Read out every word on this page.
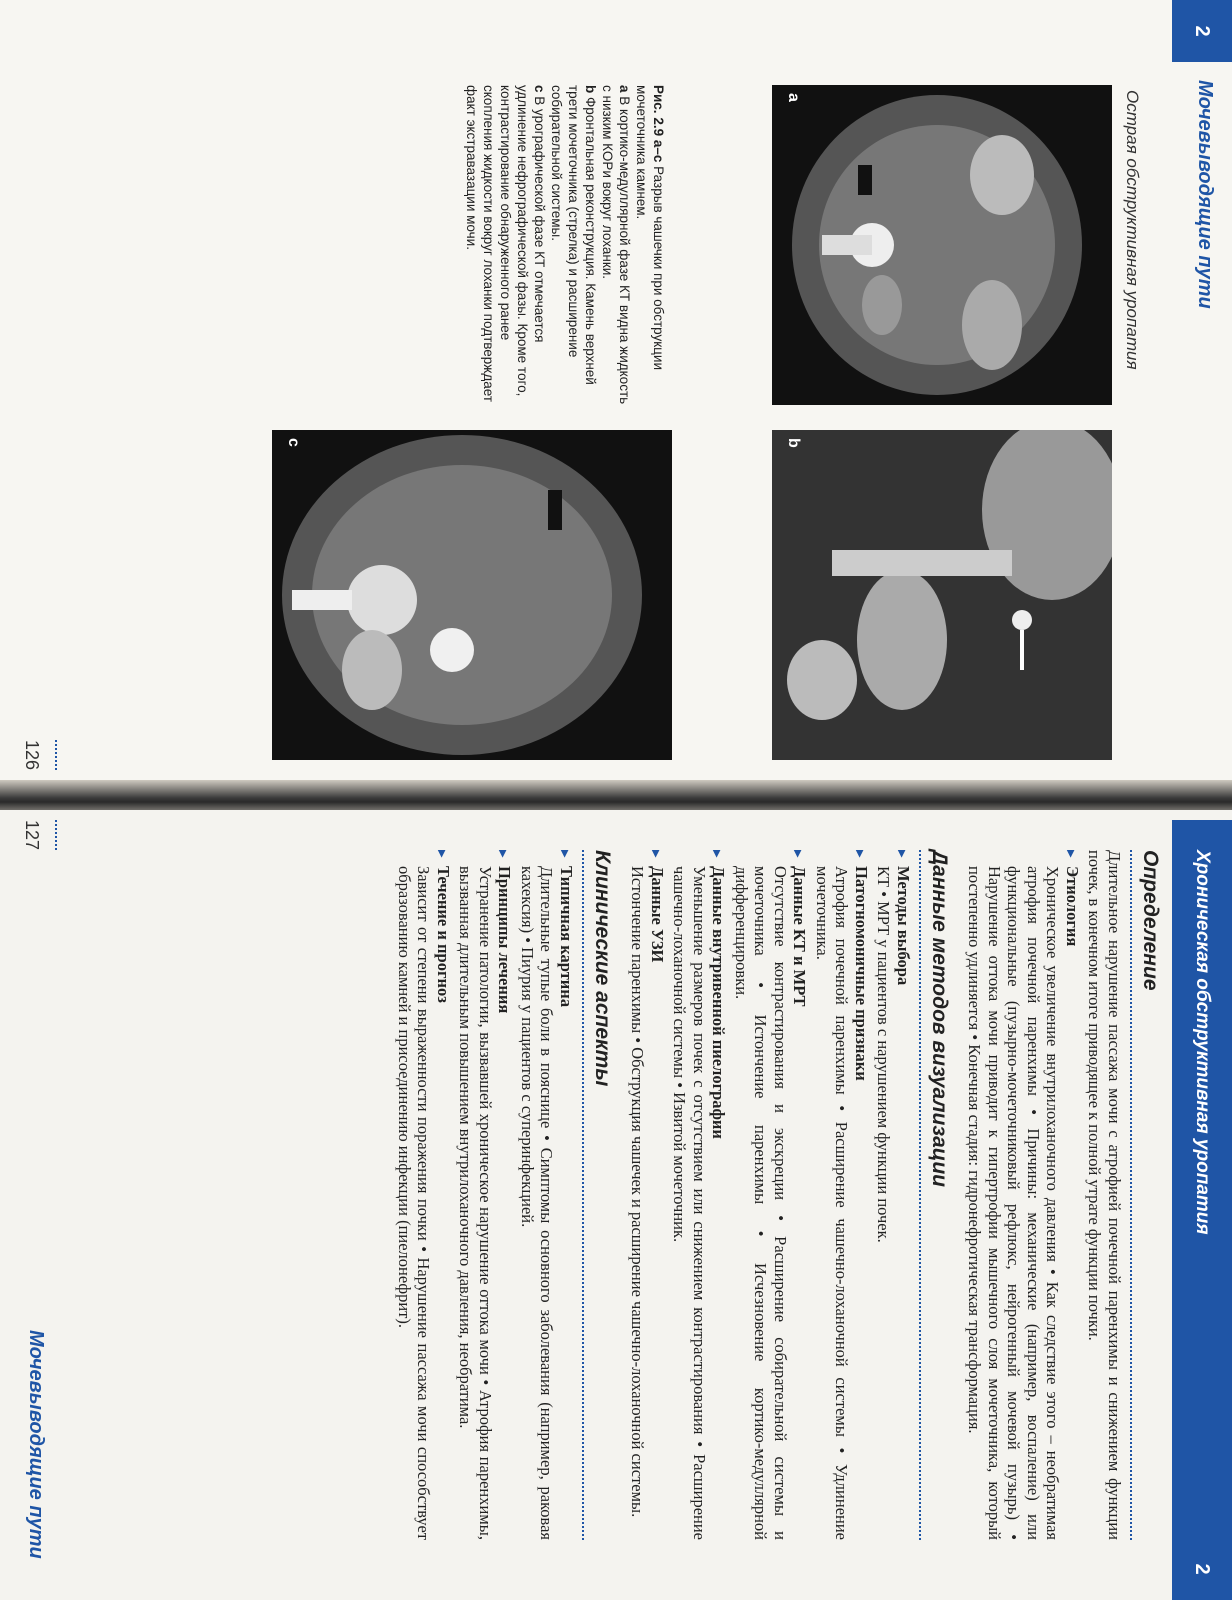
2
Мочевыводящие пути
Острая обструктивная уропатия
126
a
b
c
Рис. 2.9 a–c Разрыв чашечки при обструкции мочеточника камнем.
a В кортико-медуллярной фазе КТ видна жидкость с низким КОРи вокруг лоханки.
b Фронтальная реконструкция. Камень верхней трети мочеточника (стрелка) и расширение собирательной системы.
c В урографической фазе КТ отмечается удлинение нефрографической фазы. Кроме того, контрастирование обнаруженного ранее скопления жидкости вокруг лоханки подтверждает факт экстравазации мочи.
Хроническая обструктивная уропатия
2
Мочевыводящие пути
127
Определение
Длительное нарушение пассажа мочи с атрофией почечной паренхимы и снижением функции почек, в конечном итоге приводящее к полной утрате функции почки.
▶ Этиология
Хроническое увеличение внутрилоханочного давления • Как следствие этого – необратимая атрофия почечной паренхимы • Причины: механические (например, воспаление) или функциональные (пузырно-мочеточниковый рефлюкс, нейрогенный мочевой пузырь) • Нарушение оттока мочи приводит к гипертрофии мышечного слоя мочеточника, который постепенно удлиняется • Конечная стадия: гидронефротическая трансформация.
Данные методов визуализации
▶ Методы выбора
КТ • МРТ у пациентов с нарушением функции почек.
▶ Патогномоничные признаки
Атрофия почечной паренхимы • Расширение чашечно-лоханочной системы • Удлинение мочеточника.
▶ Данные КТ и МРТ
Отсутствие контрастирования и экскреции • Расширение собирательной системы и мочеточника • Истончение паренхимы • Исчезновение кортико-медуллярной дифференцировки.
▶ Данные внутривенной пиелографии
Уменьшение размеров почек с отсутствием или снижением контрастирования • Расширение чашечно-лоханочной системы • Извитой мочеточник.
▶ Данные УЗИ
Истончение паренхимы • Обструкция чашечек и расширение чашечно-лоханочной системы.
Клинические аспекты
▶ Типичная картина
Длительные тупые боли в пояснице • Симптомы основного заболевания (например, раковая кахексия) • Пиурия у пациентов с суперинфекцией.
▶ Принципы лечения
Устранение патологии, вызвавшей хроническое нарушение оттока мочи • Атрофия паренхимы, вызванная длительным повышением внутрилоханочного давления, необратима.
▶ Течение и прогноз
Зависит от степени выраженности поражения почки • Нарушение пассажа мочи способствует образованию камней и присоединению инфекции (пиелонефрит).
